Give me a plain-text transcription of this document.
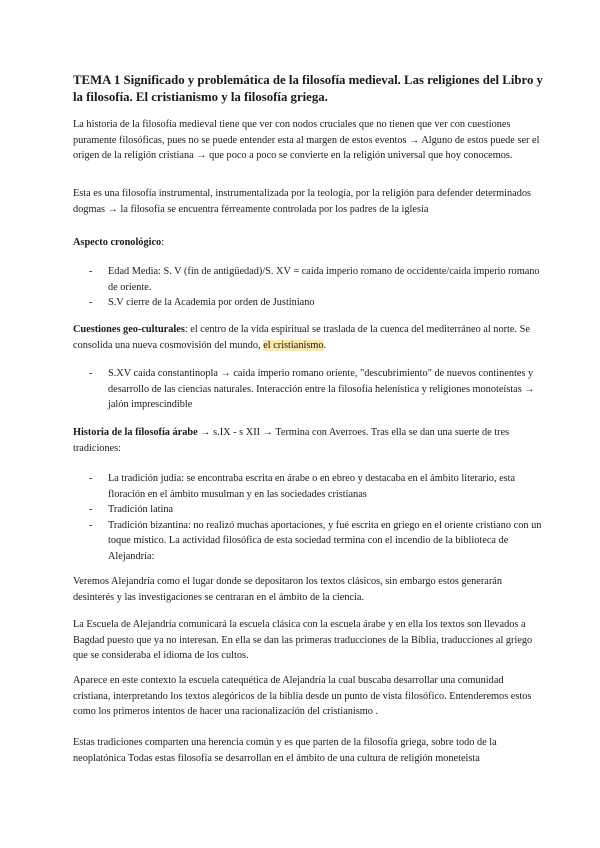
TEMA 1 Significado y problemática de la filosofía medieval. Las religiones del Libro y la filosofía. El cristianismo y la filosofía griega.

La historia de la filosofía medieval tiene que ver con nodos cruciales que no tienen que ver con cuestiones puramente filosóficas, pues no se puede entender esta al margen de estos eventos → Alguno de estos puede ser el origen de la religión cristiana → que poco a poco se convierte en la religión universal que hoy conocemos.

Esta es una filosofía instrumental, instrumentalizada por la teología, por la religión para defender determinados dogmas → la filosofía se encuentra férreamente controlada por los padres de la iglesia

Aspecto cronológico:

- Edad Media: S. V (fin de antigüedad)/S. XV = caída imperio romano de occidente/caída imperio romano de oriente.
- S.V cierre de la Academia por orden de Justiniano

Cuestiones geo-culturales: el centro de la vida espiritual se traslada de la cuenca del mediterráneo al norte. Se consolida una nueva cosmovisión del mundo, el cristianismo.

- S.XV caída constantinopla → caída imperio romano oriente, "descubrimiento" de nuevos continentes y desarrollo de las ciencias naturales. Interacción entre la filosofía helenística y religiones monoteístas → jalón imprescindible

Historia de la filosofía árabe → s.IX - s XII → Termina con Averroes. Tras ella se dan una suerte de tres tradiciones:

- La tradición judía: se encontraba escrita en árabe o en ebreo y destacaba en el ámbito literario, esta floración en el ámbito musulman y en las sociedades cristianas
- Tradición latina
- Tradición bizantina: no realizó muchas aportaciones, y fué escrita en griego en el oriente cristiano con un toque místico. La actividad filosófica de esta sociedad termina con el incendio de la biblioteca de Alejandría:

Veremos Alejandría como el lugar donde se depositaron los textos clásicos, sin embargo estos generarán desinterés y las investigaciones se centraran en el ámbito de la ciencia.

La Escuela de Alejandría comunicará la escuela clásica con la escuela árabe y en ella los textos son llevados a Bagdad puesto que ya no interesan. En ella se dan las primeras traducciones de la Biblia, traducciones al griego que se consideraba el idioma de los cultos.

Aparece en este contexto la escuela catequética de Alejandría la cual buscaba desarrollar una comunidad cristiana, interpretando los textos alegóricos de la biblia desde un punto de vista filosófico. Entenderemos estos como los primeros intentos de hacer una racionalización del cristianismo .

Estas tradiciones comparten una herencia común y es que parten de la filosofía griega, sobre todo de la neoplatónica Todas estas filosofía se desarrollan en el ámbito de una cultura de religión moneteista
